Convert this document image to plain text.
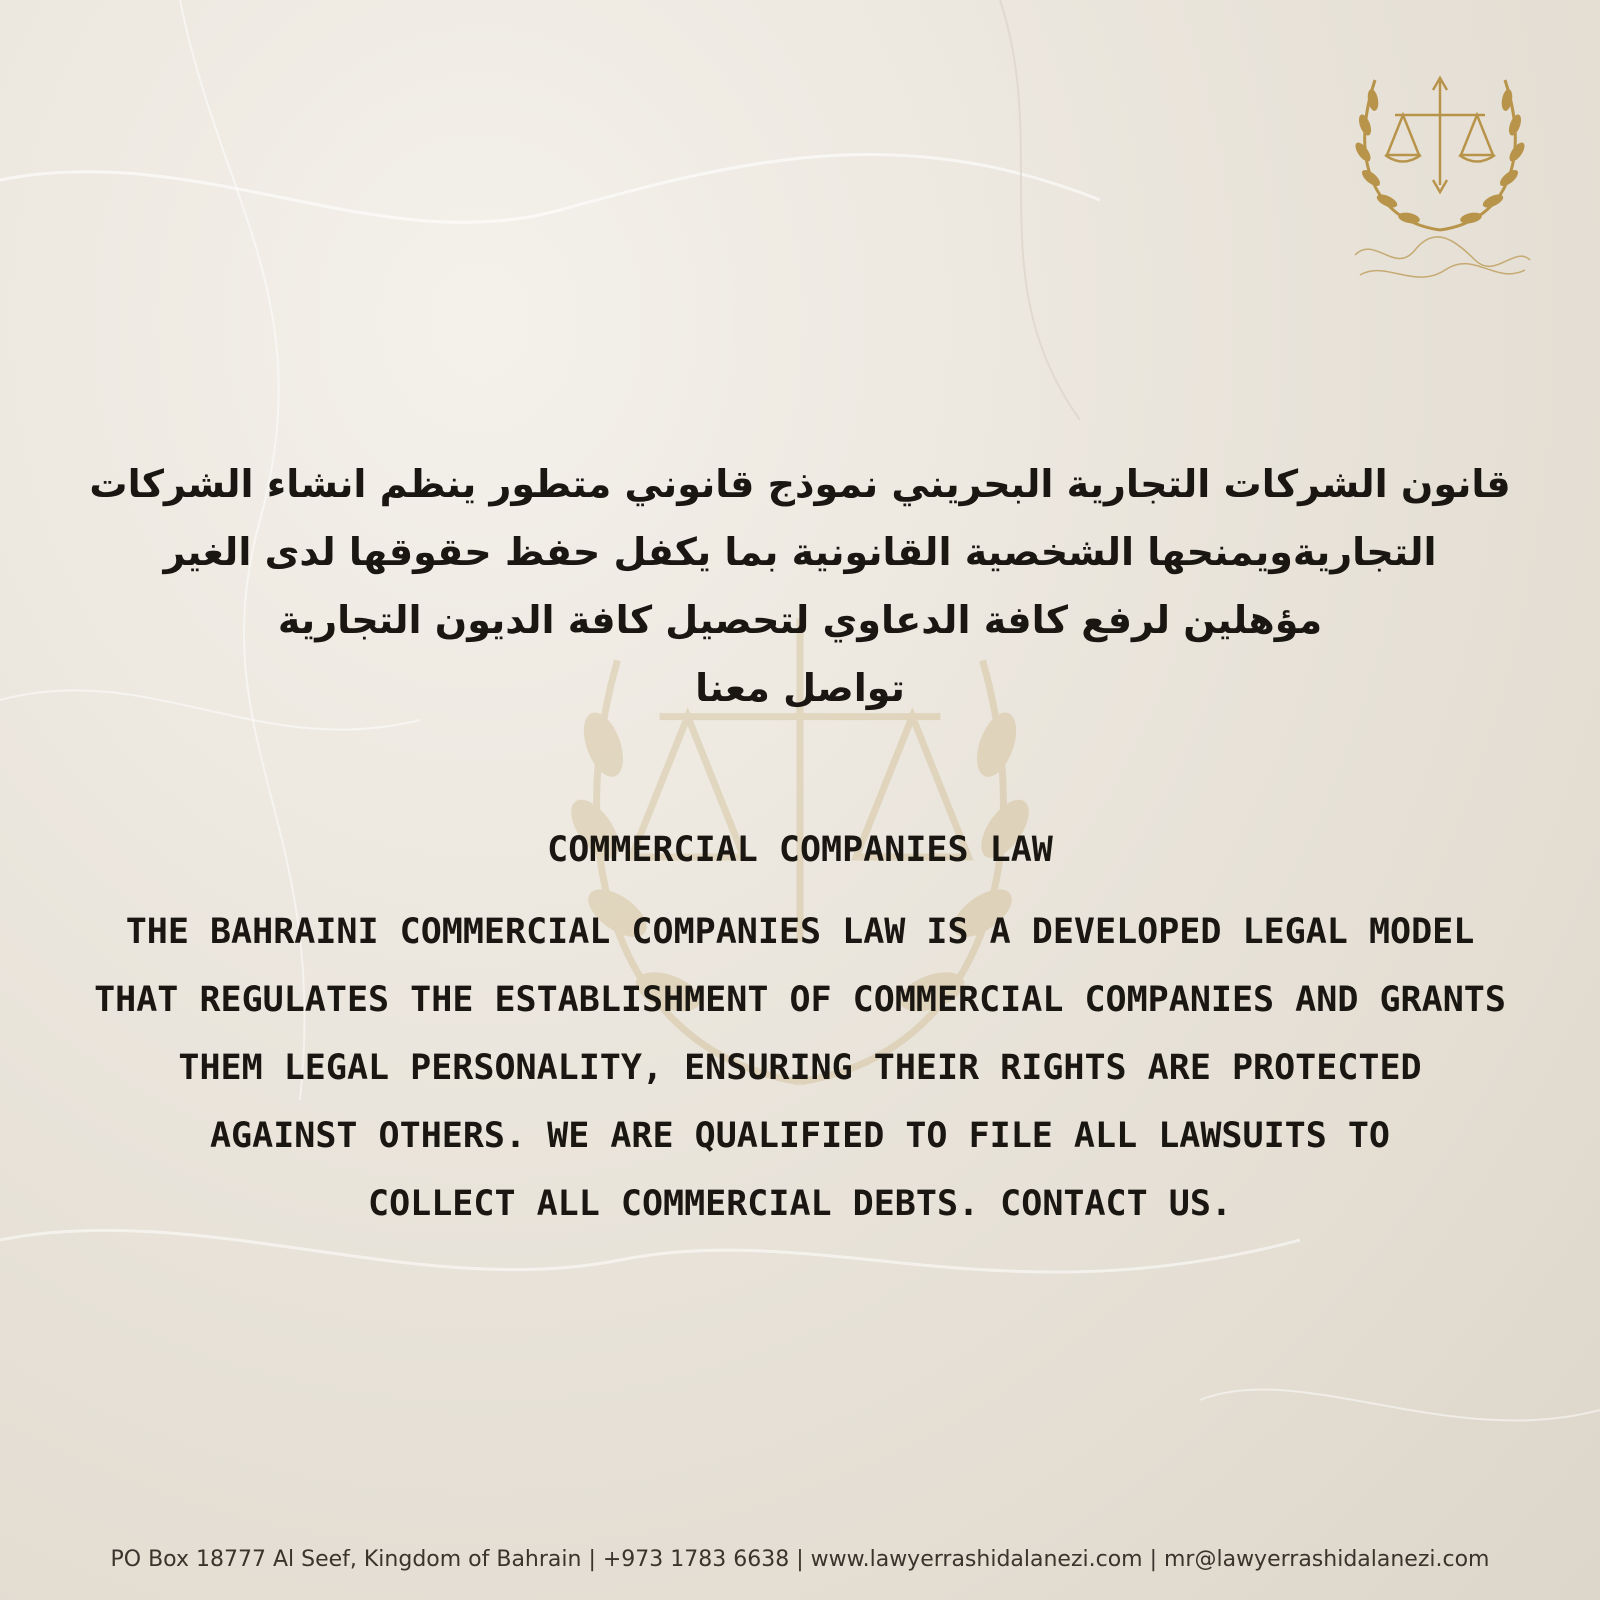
قانون الشركات التجارية البحريني نموذج قانوني متطور ينظم انشاء الشركات
التجاريةويمنحها الشخصية القانونية بما يكفل حفظ حقوقها لدى الغير
مؤهلين لرفع كافة الدعاوي لتحصيل كافة الديون التجارية
تواصل معنا
COMMERCIAL COMPANIES LAW
THE BAHRAINI COMMERCIAL COMPANIES LAW IS A DEVELOPED LEGAL MODEL
THAT REGULATES THE ESTABLISHMENT OF COMMERCIAL COMPANIES AND GRANTS
THEM LEGAL PERSONALITY, ENSURING THEIR RIGHTS ARE PROTECTED
AGAINST OTHERS. WE ARE QUALIFIED TO FILE ALL LAWSUITS TO
COLLECT ALL COMMERCIAL DEBTS. CONTACT US.
PO Box 18777 Al Seef, Kingdom of Bahrain | +973 1783 6638 | www.lawyerrashidalanezi.com | mr@lawyerrashidalanezi.com
